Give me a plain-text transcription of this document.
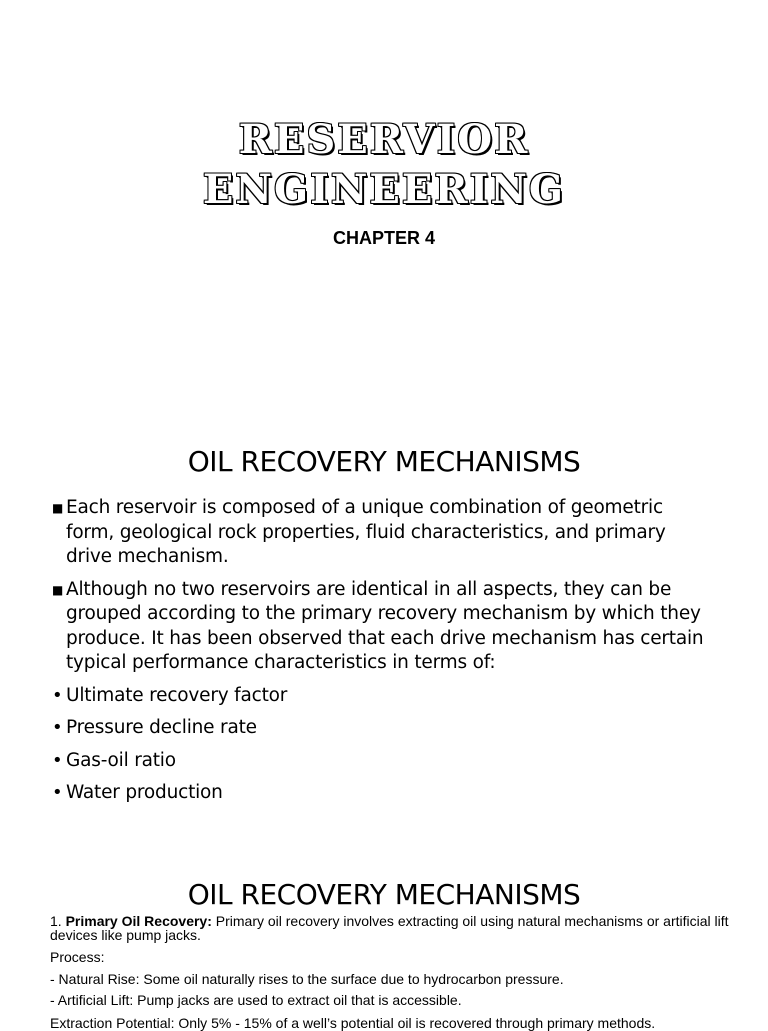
RESERVIOR
ENGINEERING
CHAPTER 4
OIL RECOVERY MECHANISMS
■ Each reservoir is composed of a unique combination of geometric form, geological rock properties, fluid characteristics, and primary drive mechanism.
■ Although no two reservoirs are identical in all aspects, they can be grouped according to the primary recovery mechanism by which they produce. It has been observed that each drive mechanism has certain typical performance characteristics in terms of:
• Ultimate recovery factor
• Pressure decline rate
• Gas-oil ratio
• Water production
OIL RECOVERY MECHANISMS

1. Primary Oil Recovery: Primary oil recovery involves extracting oil using natural mechanisms or artificial lift devices like pump jacks.

Process:

- Natural Rise: Some oil naturally rises to the surface due to hydrocarbon pressure.

- Artificial Lift: Pump jacks are used to extract oil that is accessible.

Extraction Potential: Only 5% - 15% of a well’s potential oil is recovered through primary methods.
